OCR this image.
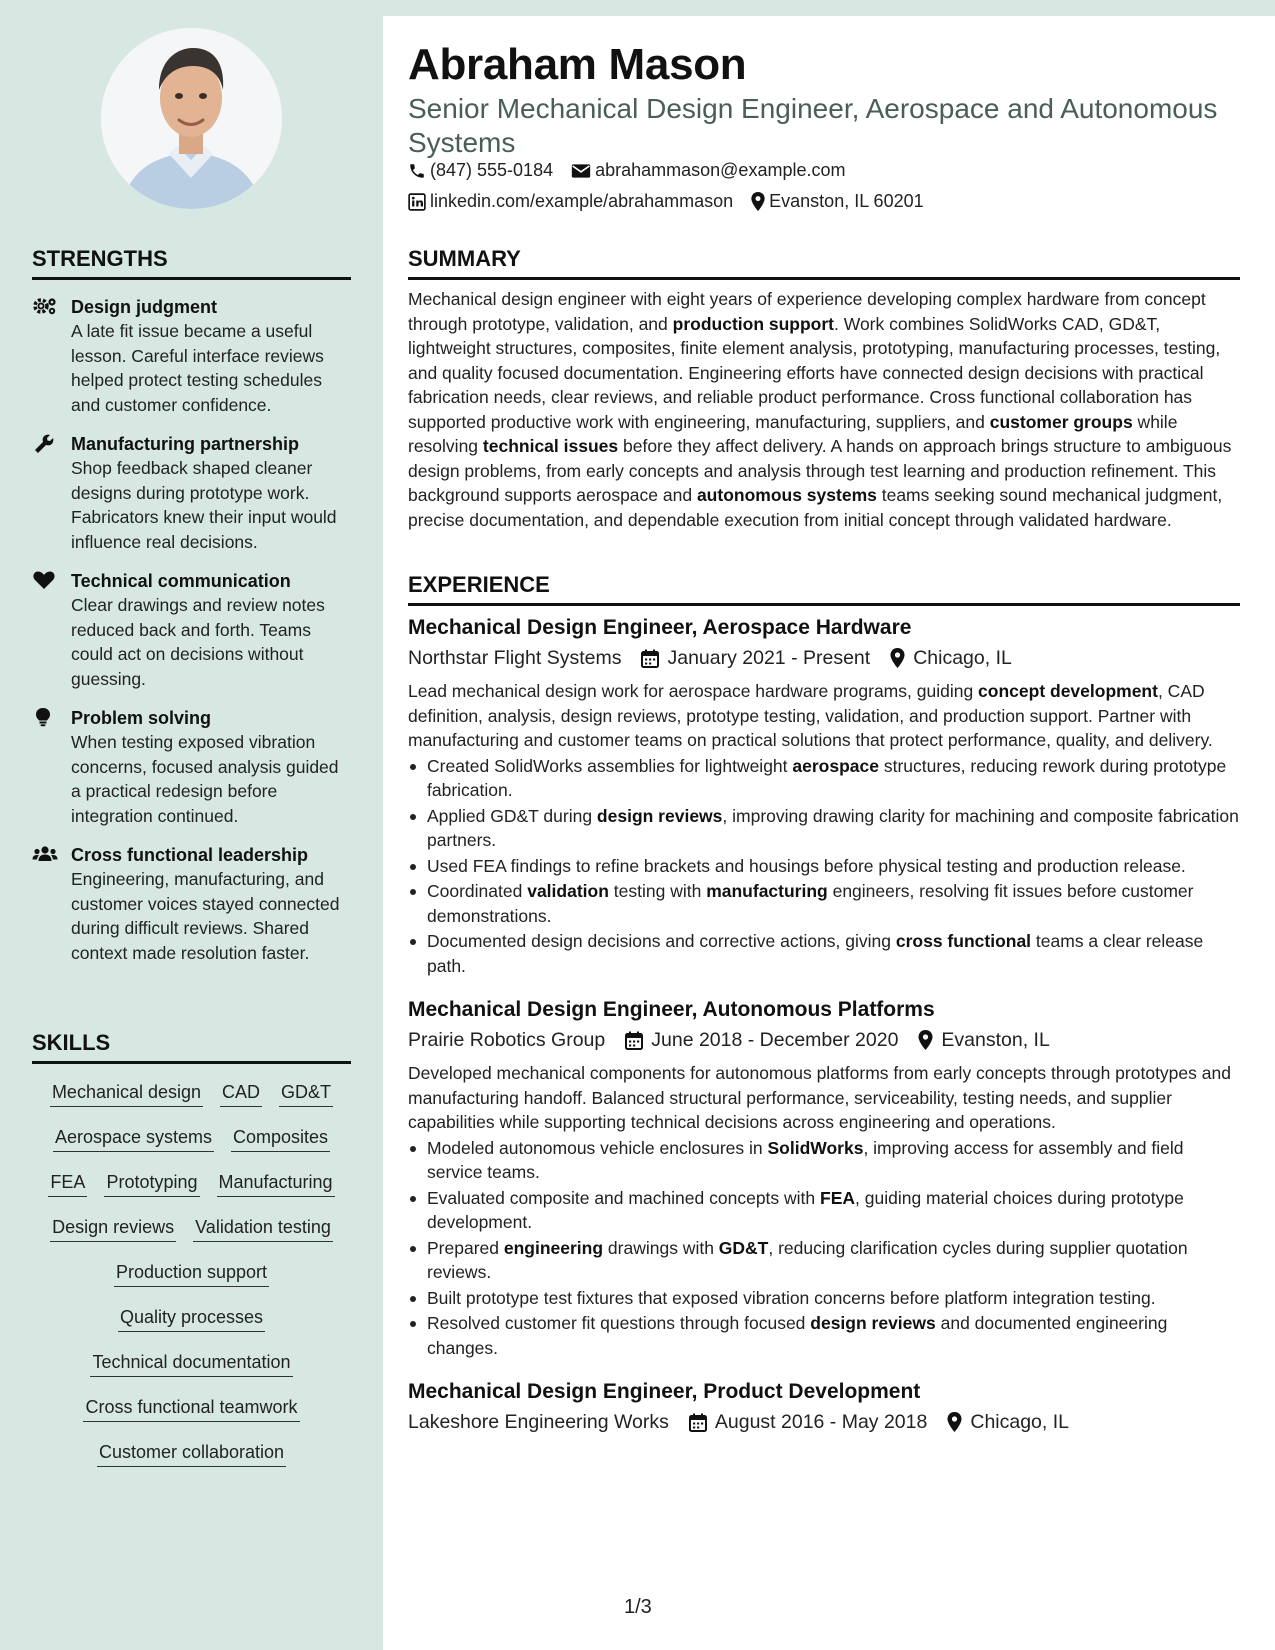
Abraham Mason
Senior Mechanical Design Engineer, Aerospace and Autonomous Systems
(847) 555-0184 abrahammason@example.com
linkedin.com/example/abrahammason Evanston, IL 60201
STRENGTHS
Design judgment
A late fit issue became a useful lesson. Careful interface reviews helped protect testing schedules and customer confidence.
Manufacturing partnership
Shop feedback shaped cleaner designs during prototype work. Fabricators knew their input would influence real decisions.
Technical communication
Clear drawings and review notes reduced back and forth. Teams could act on decisions without guessing.
Problem solving
When testing exposed vibration concerns, focused analysis guided a practical redesign before integration continued.
Cross functional leadership
Engineering, manufacturing, and customer voices stayed connected during difficult reviews. Shared context made resolution faster.
SKILLS
Mechanical design CAD GD&T
Aerospace systems Composites
FEA Prototyping Manufacturing
Design reviews Validation testing
Production support
Quality processes
Technical documentation
Cross functional teamwork
Customer collaboration
SUMMARY
Mechanical design engineer with eight years of experience developing complex hardware from concept through prototype, validation, and production support. Work combines SolidWorks CAD, GD&T, lightweight structures, composites, finite element analysis, prototyping, manufacturing processes, testing, and quality focused documentation. Engineering efforts have connected design decisions with practical fabrication needs, clear reviews, and reliable product performance. Cross functional collaboration has supported productive work with engineering, manufacturing, suppliers, and customer groups while resolving technical issues before they affect delivery. A hands on approach brings structure to ambiguous design problems, from early concepts and analysis through test learning and production refinement. This background supports aerospace and autonomous systems teams seeking sound mechanical judgment, precise documentation, and dependable execution from initial concept through validated hardware.
EXPERIENCE
Mechanical Design Engineer, Aerospace Hardware
Northstar Flight Systems January 2021 - Present Chicago, IL
Lead mechanical design work for aerospace hardware programs, guiding concept development, CAD definition, analysis, design reviews, prototype testing, validation, and production support. Partner with manufacturing and customer teams on practical solutions that protect performance, quality, and delivery.
Created SolidWorks assemblies for lightweight aerospace structures, reducing rework during prototype fabrication.
Applied GD&T during design reviews, improving drawing clarity for machining and composite fabrication partners.
Used FEA findings to refine brackets and housings before physical testing and production release.
Coordinated validation testing with manufacturing engineers, resolving fit issues before customer demonstrations.
Documented design decisions and corrective actions, giving cross functional teams a clear release path.
Mechanical Design Engineer, Autonomous Platforms
Prairie Robotics Group June 2018 - December 2020 Evanston, IL
Developed mechanical components for autonomous platforms from early concepts through prototypes and manufacturing handoff. Balanced structural performance, serviceability, testing needs, and supplier capabilities while supporting technical decisions across engineering and operations.
Modeled autonomous vehicle enclosures in SolidWorks, improving access for assembly and field service teams.
Evaluated composite and machined concepts with FEA, guiding material choices during prototype development.
Prepared engineering drawings with GD&T, reducing clarification cycles during supplier quotation reviews.
Built prototype test fixtures that exposed vibration concerns before platform integration testing.
Resolved customer fit questions through focused design reviews and documented engineering changes.
Mechanical Design Engineer, Product Development
Lakeshore Engineering Works August 2016 - May 2018 Chicago, IL
1/3
